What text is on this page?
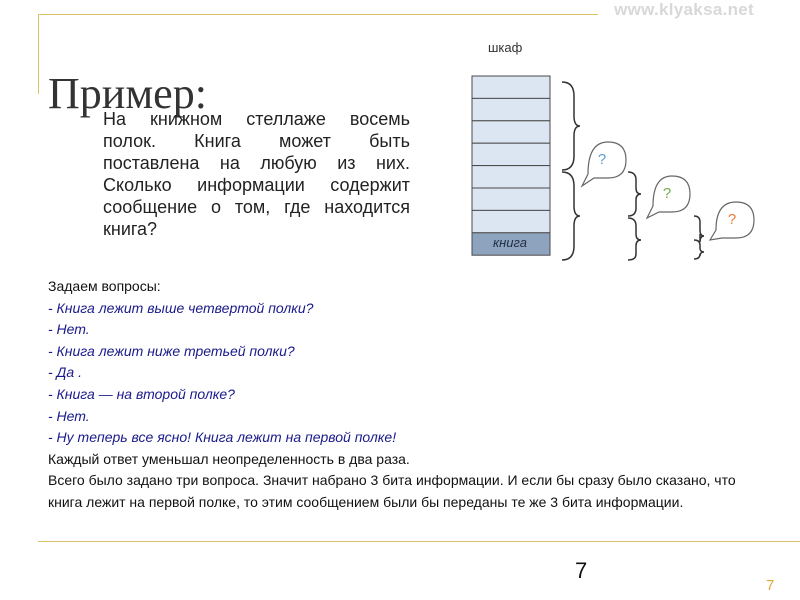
www.klyaksa.net
Пример:
На книжном стеллаже восемь полок. Книга может быть поставлена на любую из них. Сколько информации содержит сообщение о том, где находится книга?
шкаф
книга
?
?
?

Задаем вопросы:

- Книга лежит выше четвертой полки?

- Нет.

- Книга лежит ниже третьей полки?

- Да .

- Книга — на второй полке?

- Нет.

- Ну теперь все ясно! Книга лежит на первой полке!

Каждый ответ уменьшал неопределенность в два раза.

Всего было задано три вопроса. Значит набрано 3 бита информации. И если бы сразу было сказано, что книга лежит на первой полке, то этим сообщением были бы переданы те же 3 бита информации.

7
7
